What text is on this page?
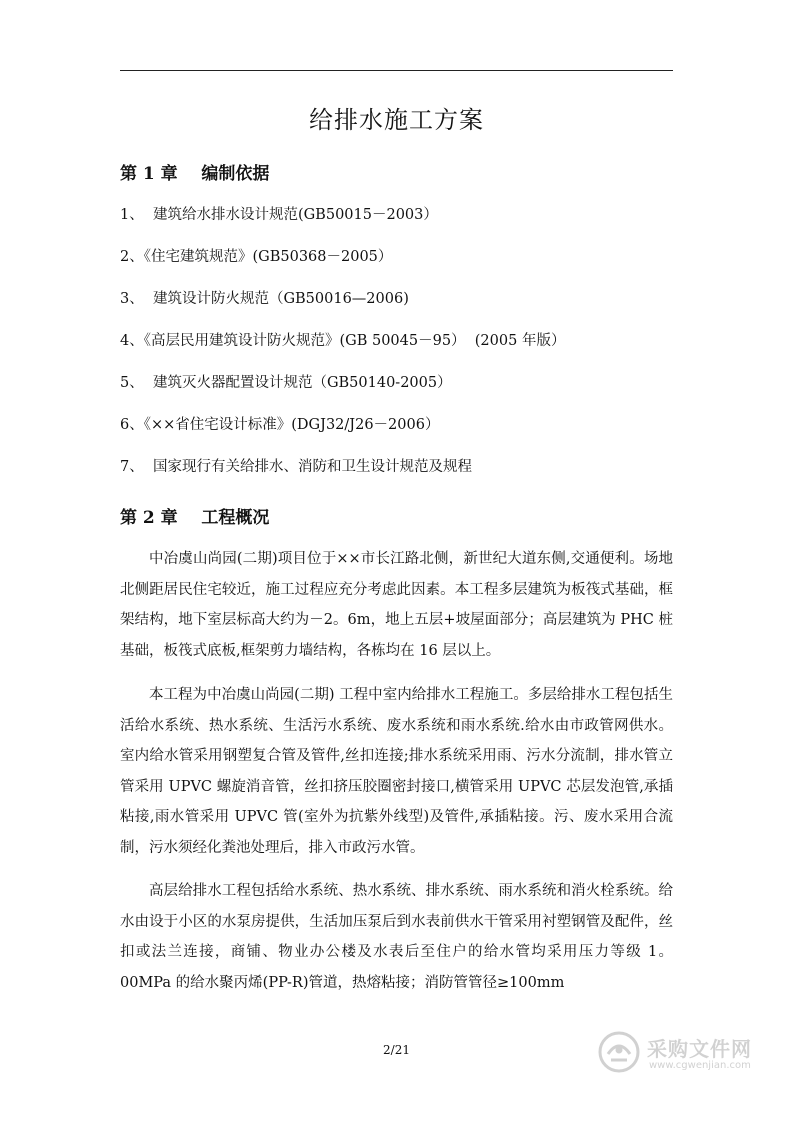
给排水施工方案
第 1 章    编制依据
1、  建筑给水排水设计规范(GB50015－2003）
2、《住宅建筑规范》(GB50368－2005）
3、  建筑设计防火规范（GB50016—2006)
4、《高层民用建筑设计防火规范》(GB 50045－95）  (2005 年版）
5、  建筑灭火器配置设计规范（GB50140-2005）
6、《××省住宅设计标准》(DGJ32/J26－2006）
7、  国家现行有关给排水、消防和卫生设计规范及规程
第 2 章    工程概况

中冶虞山尚园(二期)项目位于××市长江路北侧，新世纪大道东侧,交通便利。场地北侧距居民住宅较近，施工过程应充分考虑此因素。本工程多层建筑为板筏式基础，框架结构，地下室层标高大约为－2。6m，地上五层+坡屋面部分；高层建筑为 PHC 桩基础，板筏式底板,框架剪力墙结构，各栋均在 16 层以上。

本工程为中冶虞山尚园(二期) 工程中室内给排水工程施工。多层给排水工程包括生活给水系统、热水系统、生活污水系统、废水系统和雨水系统.给水由市政管网供水。室内给水管采用钢塑复合管及管件,丝扣连接;排水系统采用雨、污水分流制，排水管立管采用 UPVC 螺旋消音管，丝扣挤压胶圈密封接口,横管采用 UPVC 芯层发泡管,承插粘接,雨水管采用 UPVC 管(室外为抗紫外线型)及管件,承插粘接。污、废水采用合流制，污水须经化粪池处理后，排入市政污水管。

高层给排水工程包括给水系统、热水系统、排水系统、雨水系统和消火栓系统。给水由设于小区的水泵房提供，生活加压泵后到水表前供水干管采用衬塑钢管及配件，丝扣或法兰连接，商铺、物业办公楼及水表后至住户的给水管均采用压力等级 1。00MPa 的给水聚丙烯(PP-R)管道，热熔粘接；消防管管径≥100mm

2/21	采购文件网
www.cgwenjian.com
